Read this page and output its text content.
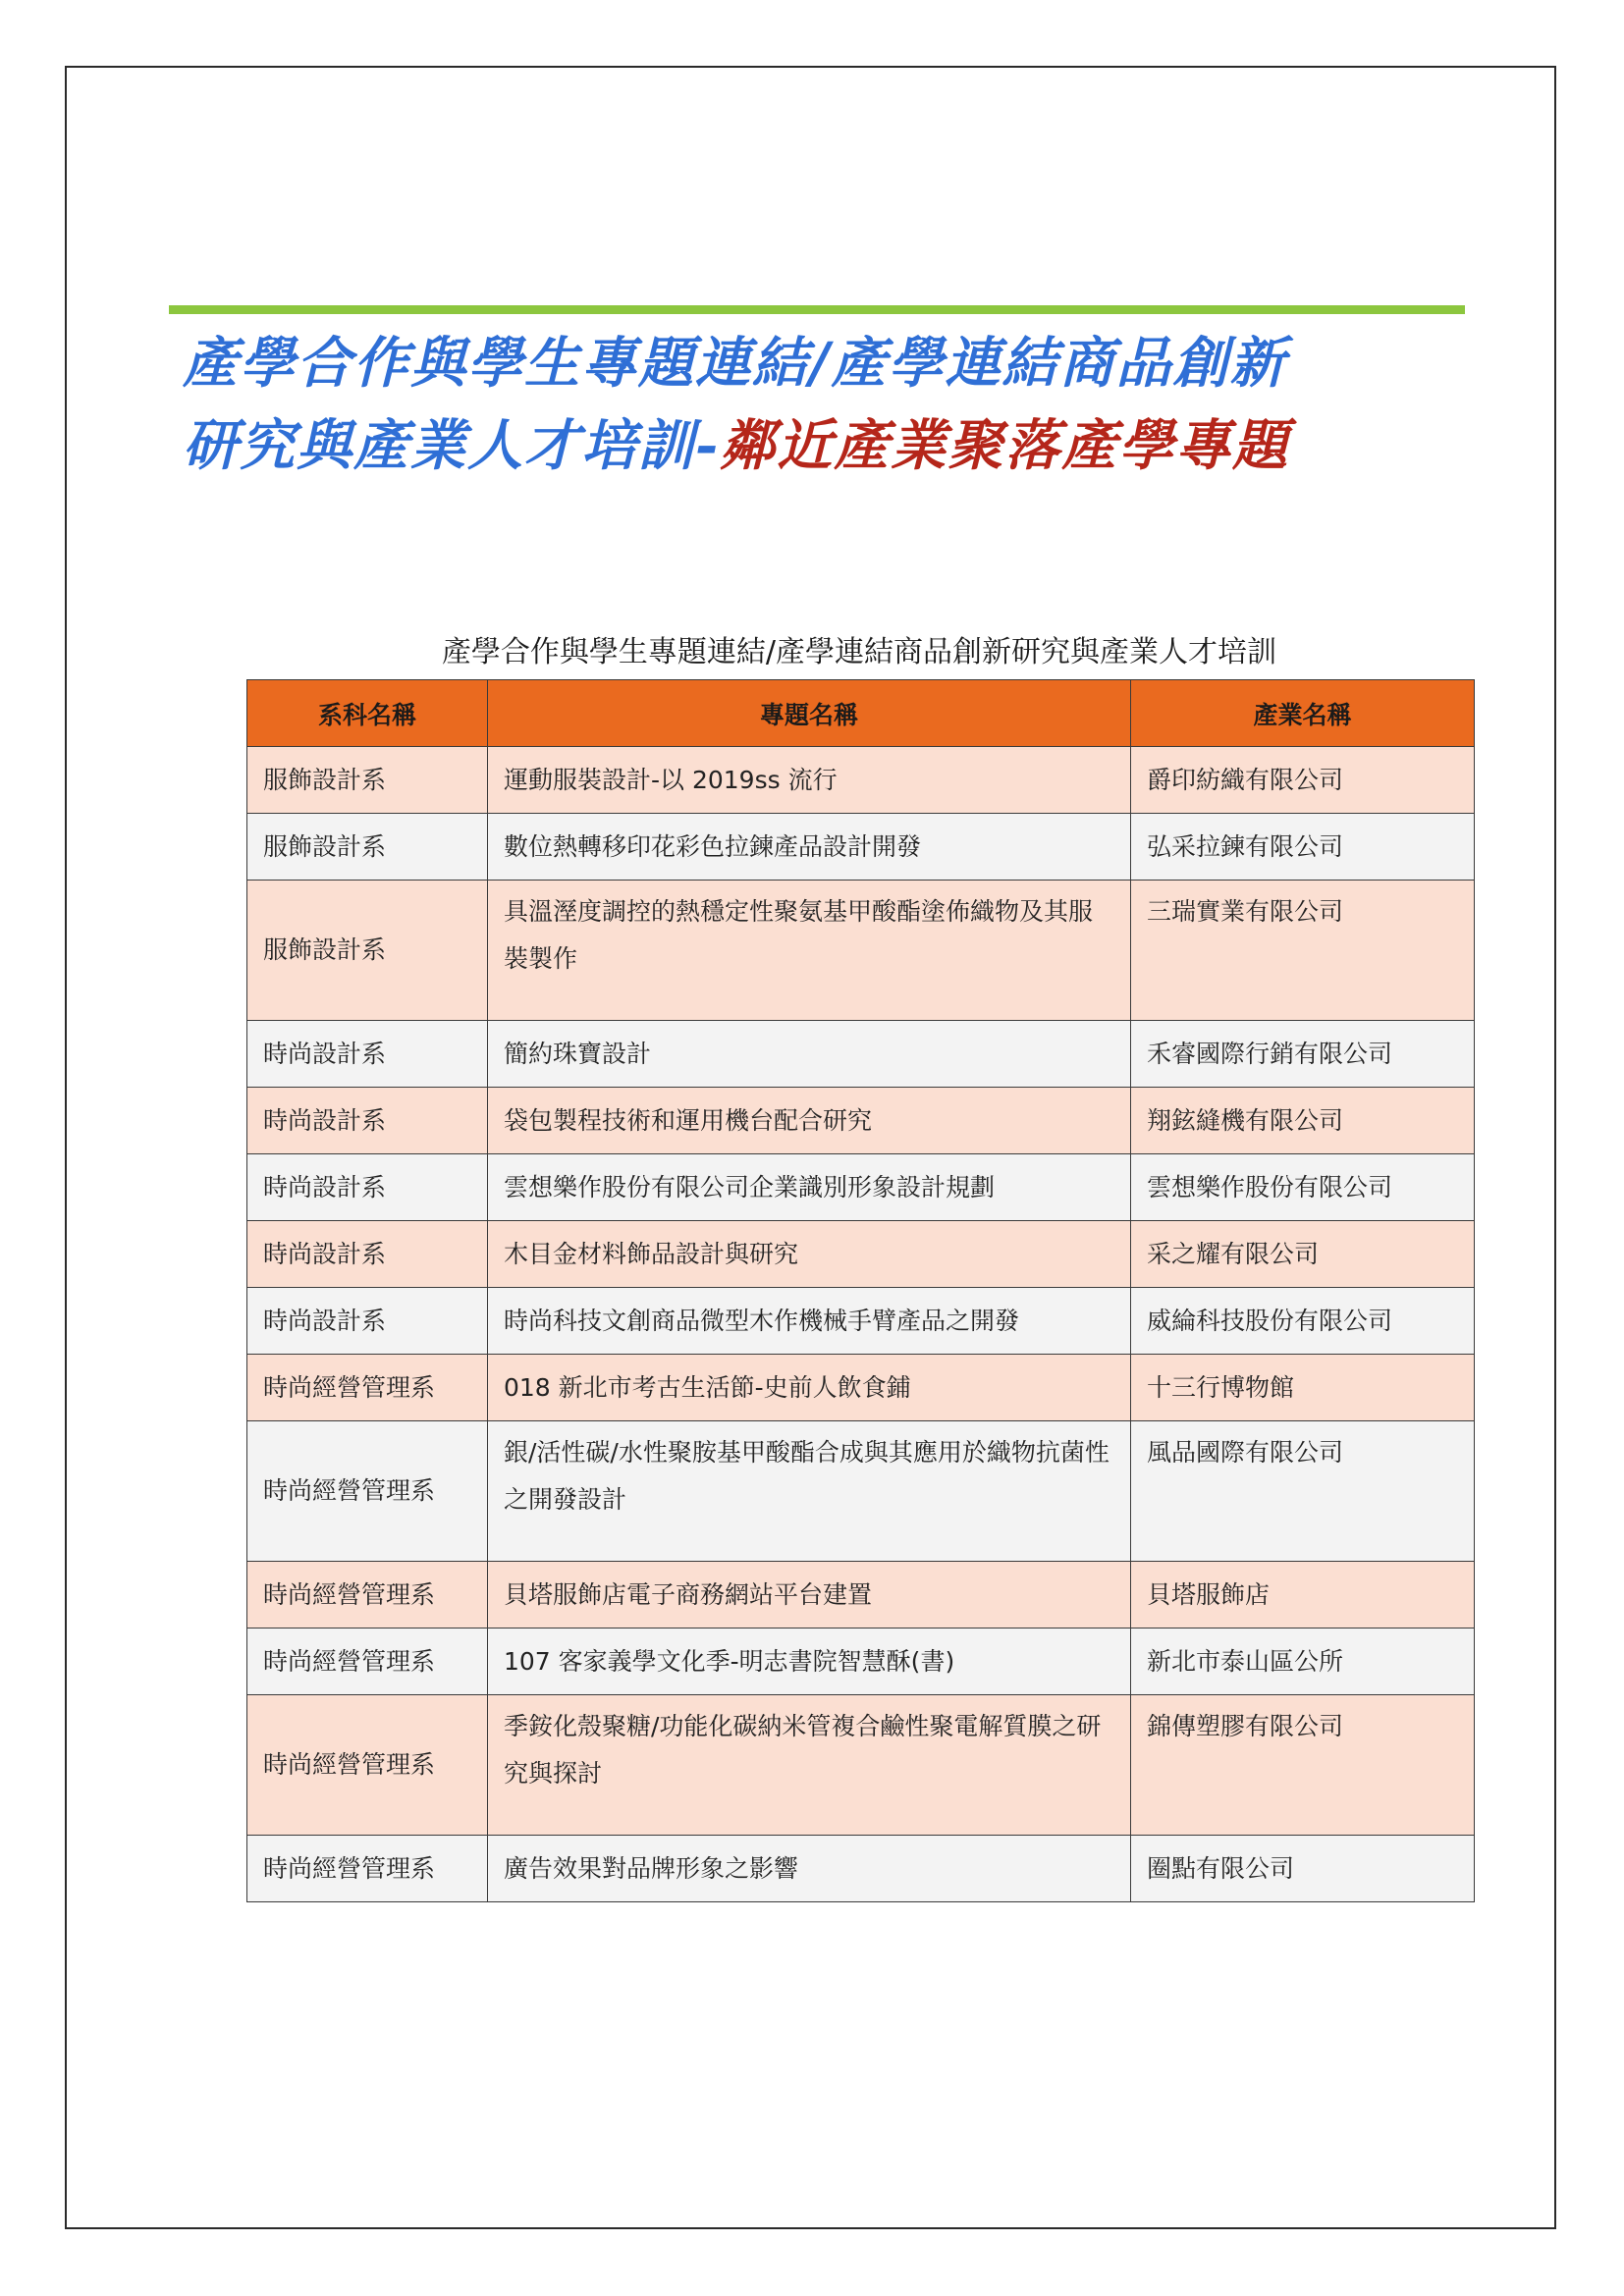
產學合作與學生專題連結/產學連結商品創新
研究與產業人才培訓-鄰近產業聚落產學專題
產學合作與學生專題連結/產學連結商品創新研究與產業人才培訓
系科名稱	專題名稱	產業名稱
服飾設計系	運動服裝設計-以 2019ss 流行	爵印紡織有限公司
服飾設計系	數位熱轉移印花彩色拉鍊產品設計開發	弘采拉鍊有限公司
服飾設計系	具溫溼度調控的熱穩定性聚氨基甲酸酯塗佈織物及其服裝製作	三瑞實業有限公司
時尚設計系	簡約珠寶設計	禾睿國際行銷有限公司
時尚設計系	袋包製程技術和運用機台配合研究	翔鉉縫機有限公司
時尚設計系	雲想樂作股份有限公司企業識別形象設計規劃	雲想樂作股份有限公司
時尚設計系	木目金材料飾品設計與研究	采之耀有限公司
時尚設計系	時尚科技文創商品微型木作機械手臂產品之開發	威綸科技股份有限公司
時尚經營管理系	018 新北市考古生活節-史前人飲食鋪	十三行博物館
時尚經營管理系	銀/活性碳/水性聚胺基甲酸酯合成與其應用於織物抗菌性之開發設計	風品國際有限公司
時尚經營管理系	貝塔服飾店電子商務網站平台建置	貝塔服飾店
時尚經營管理系	107 客家義學文化季-明志書院智慧酥(書)	新北市泰山區公所
時尚經營管理系	季銨化殼聚糖/功能化碳納米管複合鹼性聚電解質膜之研究與探討	錦傳塑膠有限公司
時尚經營管理系	廣告效果對品牌形象之影響	圈點有限公司
